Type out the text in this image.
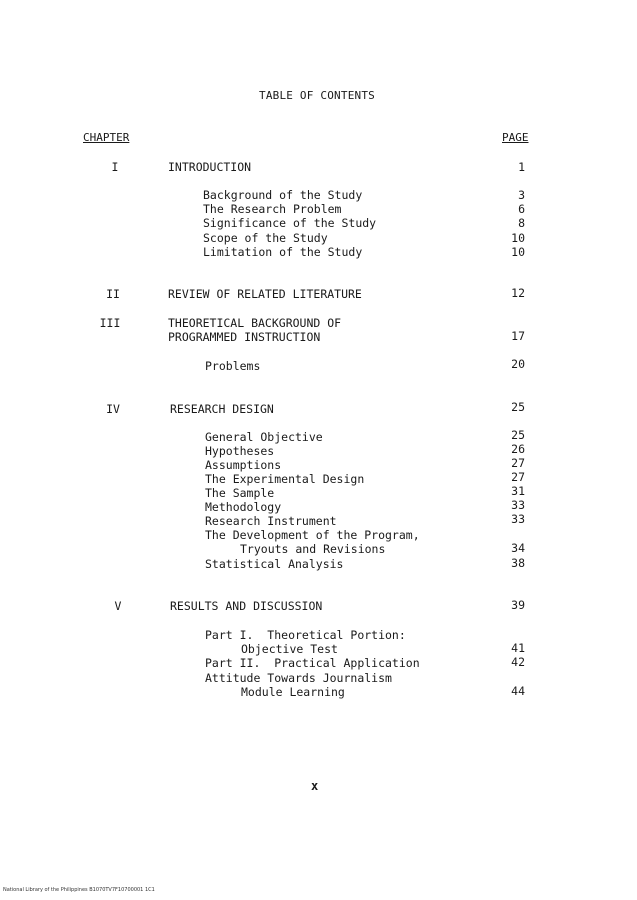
TABLE OF CONTENTS
CHAPTER	PAGE
I	INTRODUCTION	1
Background of the Study	3
The Research Problem	6
Significance of the Study	8
Scope of the Study	10
Limitation of the Study	10
II	REVIEW OF RELATED LITERATURE	12
III	THEORETICAL BACKGROUND OF
PROGRAMMED INSTRUCTION	17
Problems	20
IV	RESEARCH DESIGN	25
General Objective	25
Hypotheses	26
Assumptions	27
The Experimental Design	27
The Sample	31
Methodology	33
Research Instrument	33
The Development of the Program,
Tryouts and Revisions	34
Statistical Analysis	38
V	RESULTS AND DISCUSSION	39
Part I.  Theoretical Portion:
Objective Test	41
Part II.  Practical Application	42
Attitude Towards Journalism
Module Learning	44
x
National Library of the Philippines B1070TV7F10700001 1C1
